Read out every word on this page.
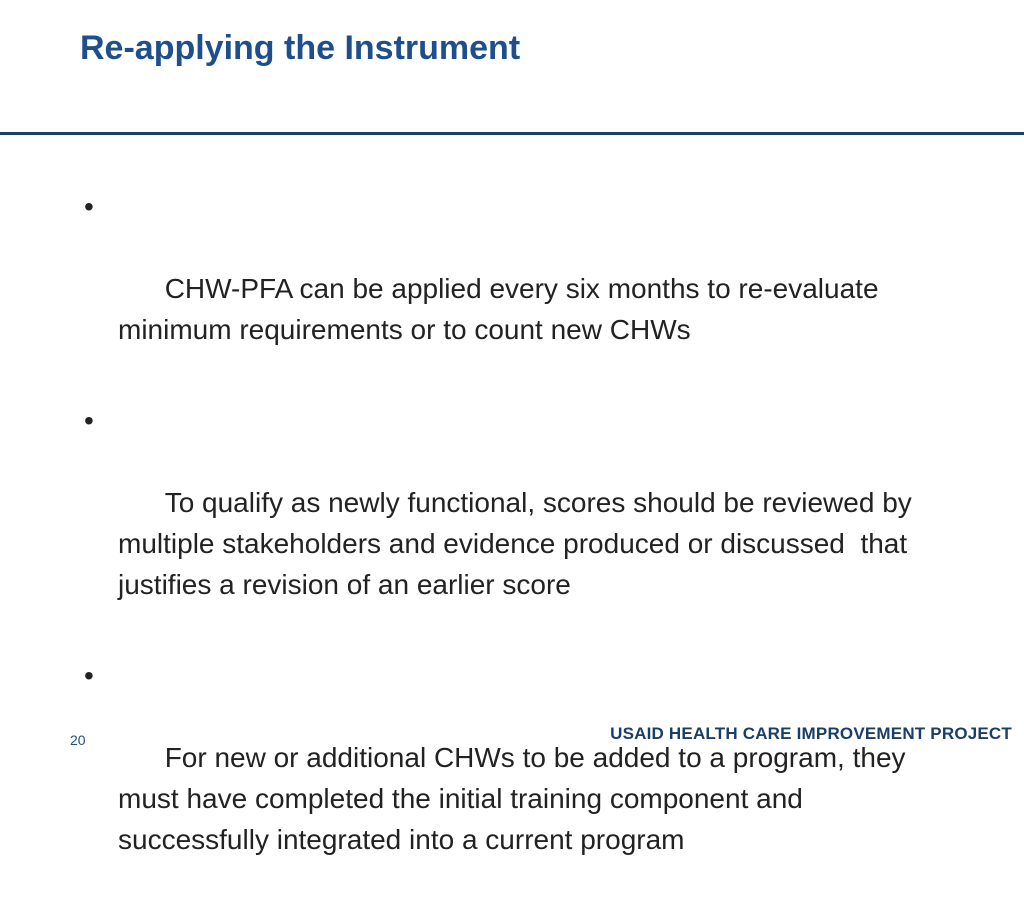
Re-applying the Instrument

•

CHW-PFA can be applied every six months to re-evaluate minimum requirements or to count new CHWs

•

To qualify as newly functional, scores should be reviewed by multiple stakeholders and evidence produced or discussed  that justifies a revision of an earlier score

•

For new or additional CHWs to be added to a program, they must have completed the initial training component and successfully integrated into a current program

20	USAID HEALTH CARE IMPROVEMENT PROJECT
